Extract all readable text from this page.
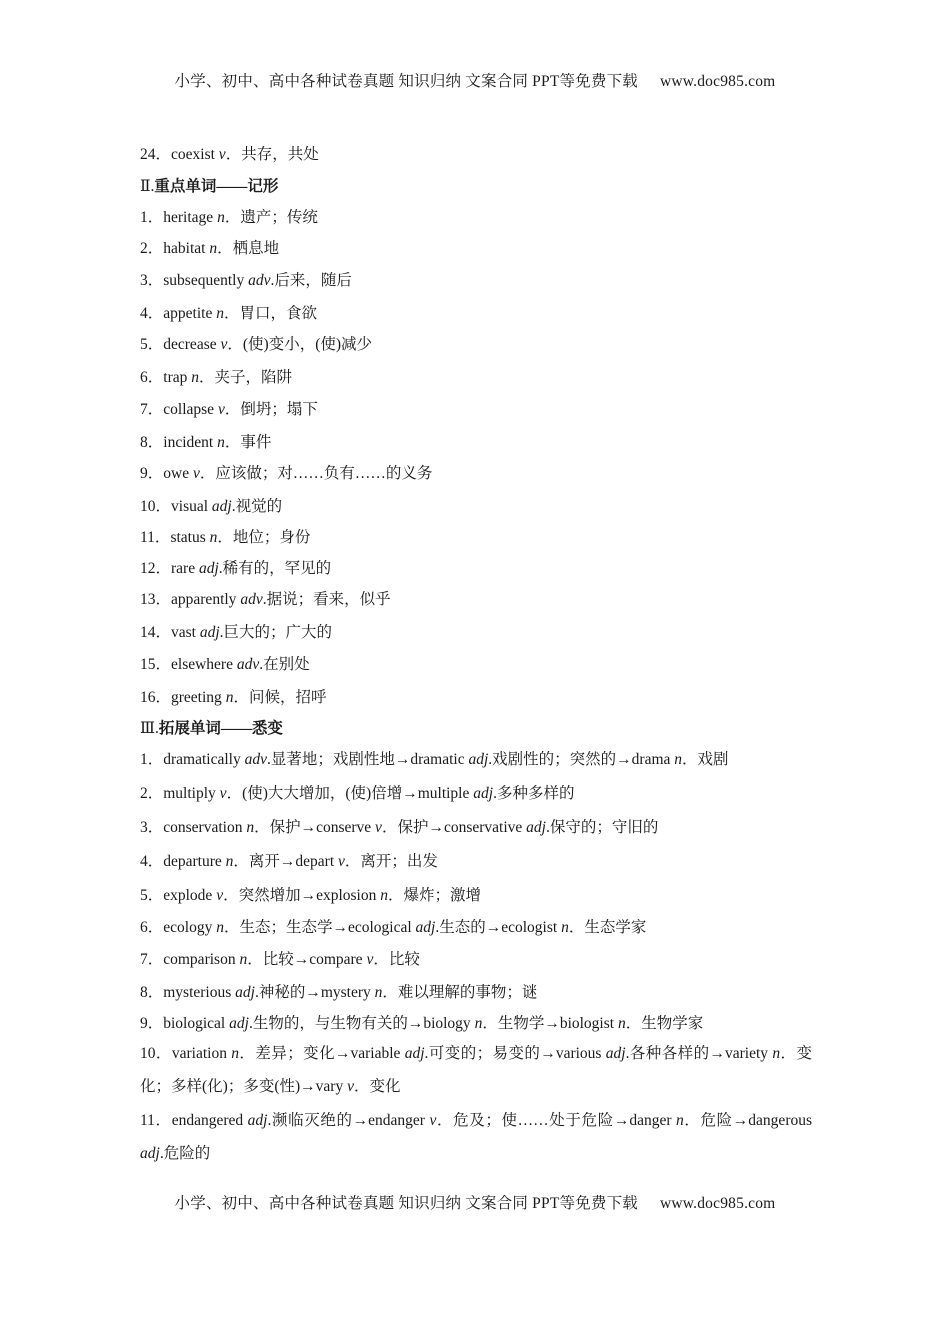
小学、初中、高中各种试卷真题 知识归纳 文案合同 PPT等免费下载 www.doc985.com
24．coexist v．共存，共处
Ⅱ.重点单词——记形
1．heritage n．遗产；传统
2．habitat n．栖息地
3．subsequently adv.后来，随后
4．appetite n．胃口，食欲
5．decrease v．(使)变小，(使)减少
6．trap n．夹子，陷阱
7．collapse v．倒坍；塌下
8．incident n．事件
9．owe v．应该做；对……负有……的义务
10．visual adj.视觉的
11．status n．地位；身份
12．rare adj.稀有的，罕见的
13．apparently adv.据说；看来，似乎
14．vast adj.巨大的；广大的
15．elsewhere adv.在别处
16．greeting n．问候，招呼
Ⅲ.拓展单词——悉变
1．dramatically adv.显著地；戏剧性地→dramatic adj.戏剧性的；突然的→drama n．戏剧
2．multiply v．(使)大大增加，(使)倍增→multiple adj.多种多样的
3．conservation n．保护→conserve v．保护→conservative adj.保守的；守旧的
4．departure n．离开→depart v．离开；出发
5．explode v．突然增加→explosion n．爆炸；激增
6．ecology n．生态；生态学→ecological adj.生态的→ecologist n．生态学家
7．comparison n．比较→compare v．比较
8．mysterious adj.神秘的→mystery n．难以理解的事物；谜
9．biological adj.生物的，与生物有关的→biology n．生物学→biologist n．生物学家
10．variation n．差异；变化→variable adj.可变的；易变的→various adj.各种各样的→variety n．变化；多样(化)；多变(性)→vary v．变化
11．endangered adj.濒临灭绝的→endanger v．危及；使……处于危险→danger n．危险→dangerous adj.危险的
小学、初中、高中各种试卷真题 知识归纳 文案合同 PPT等免费下载 www.doc985.com
